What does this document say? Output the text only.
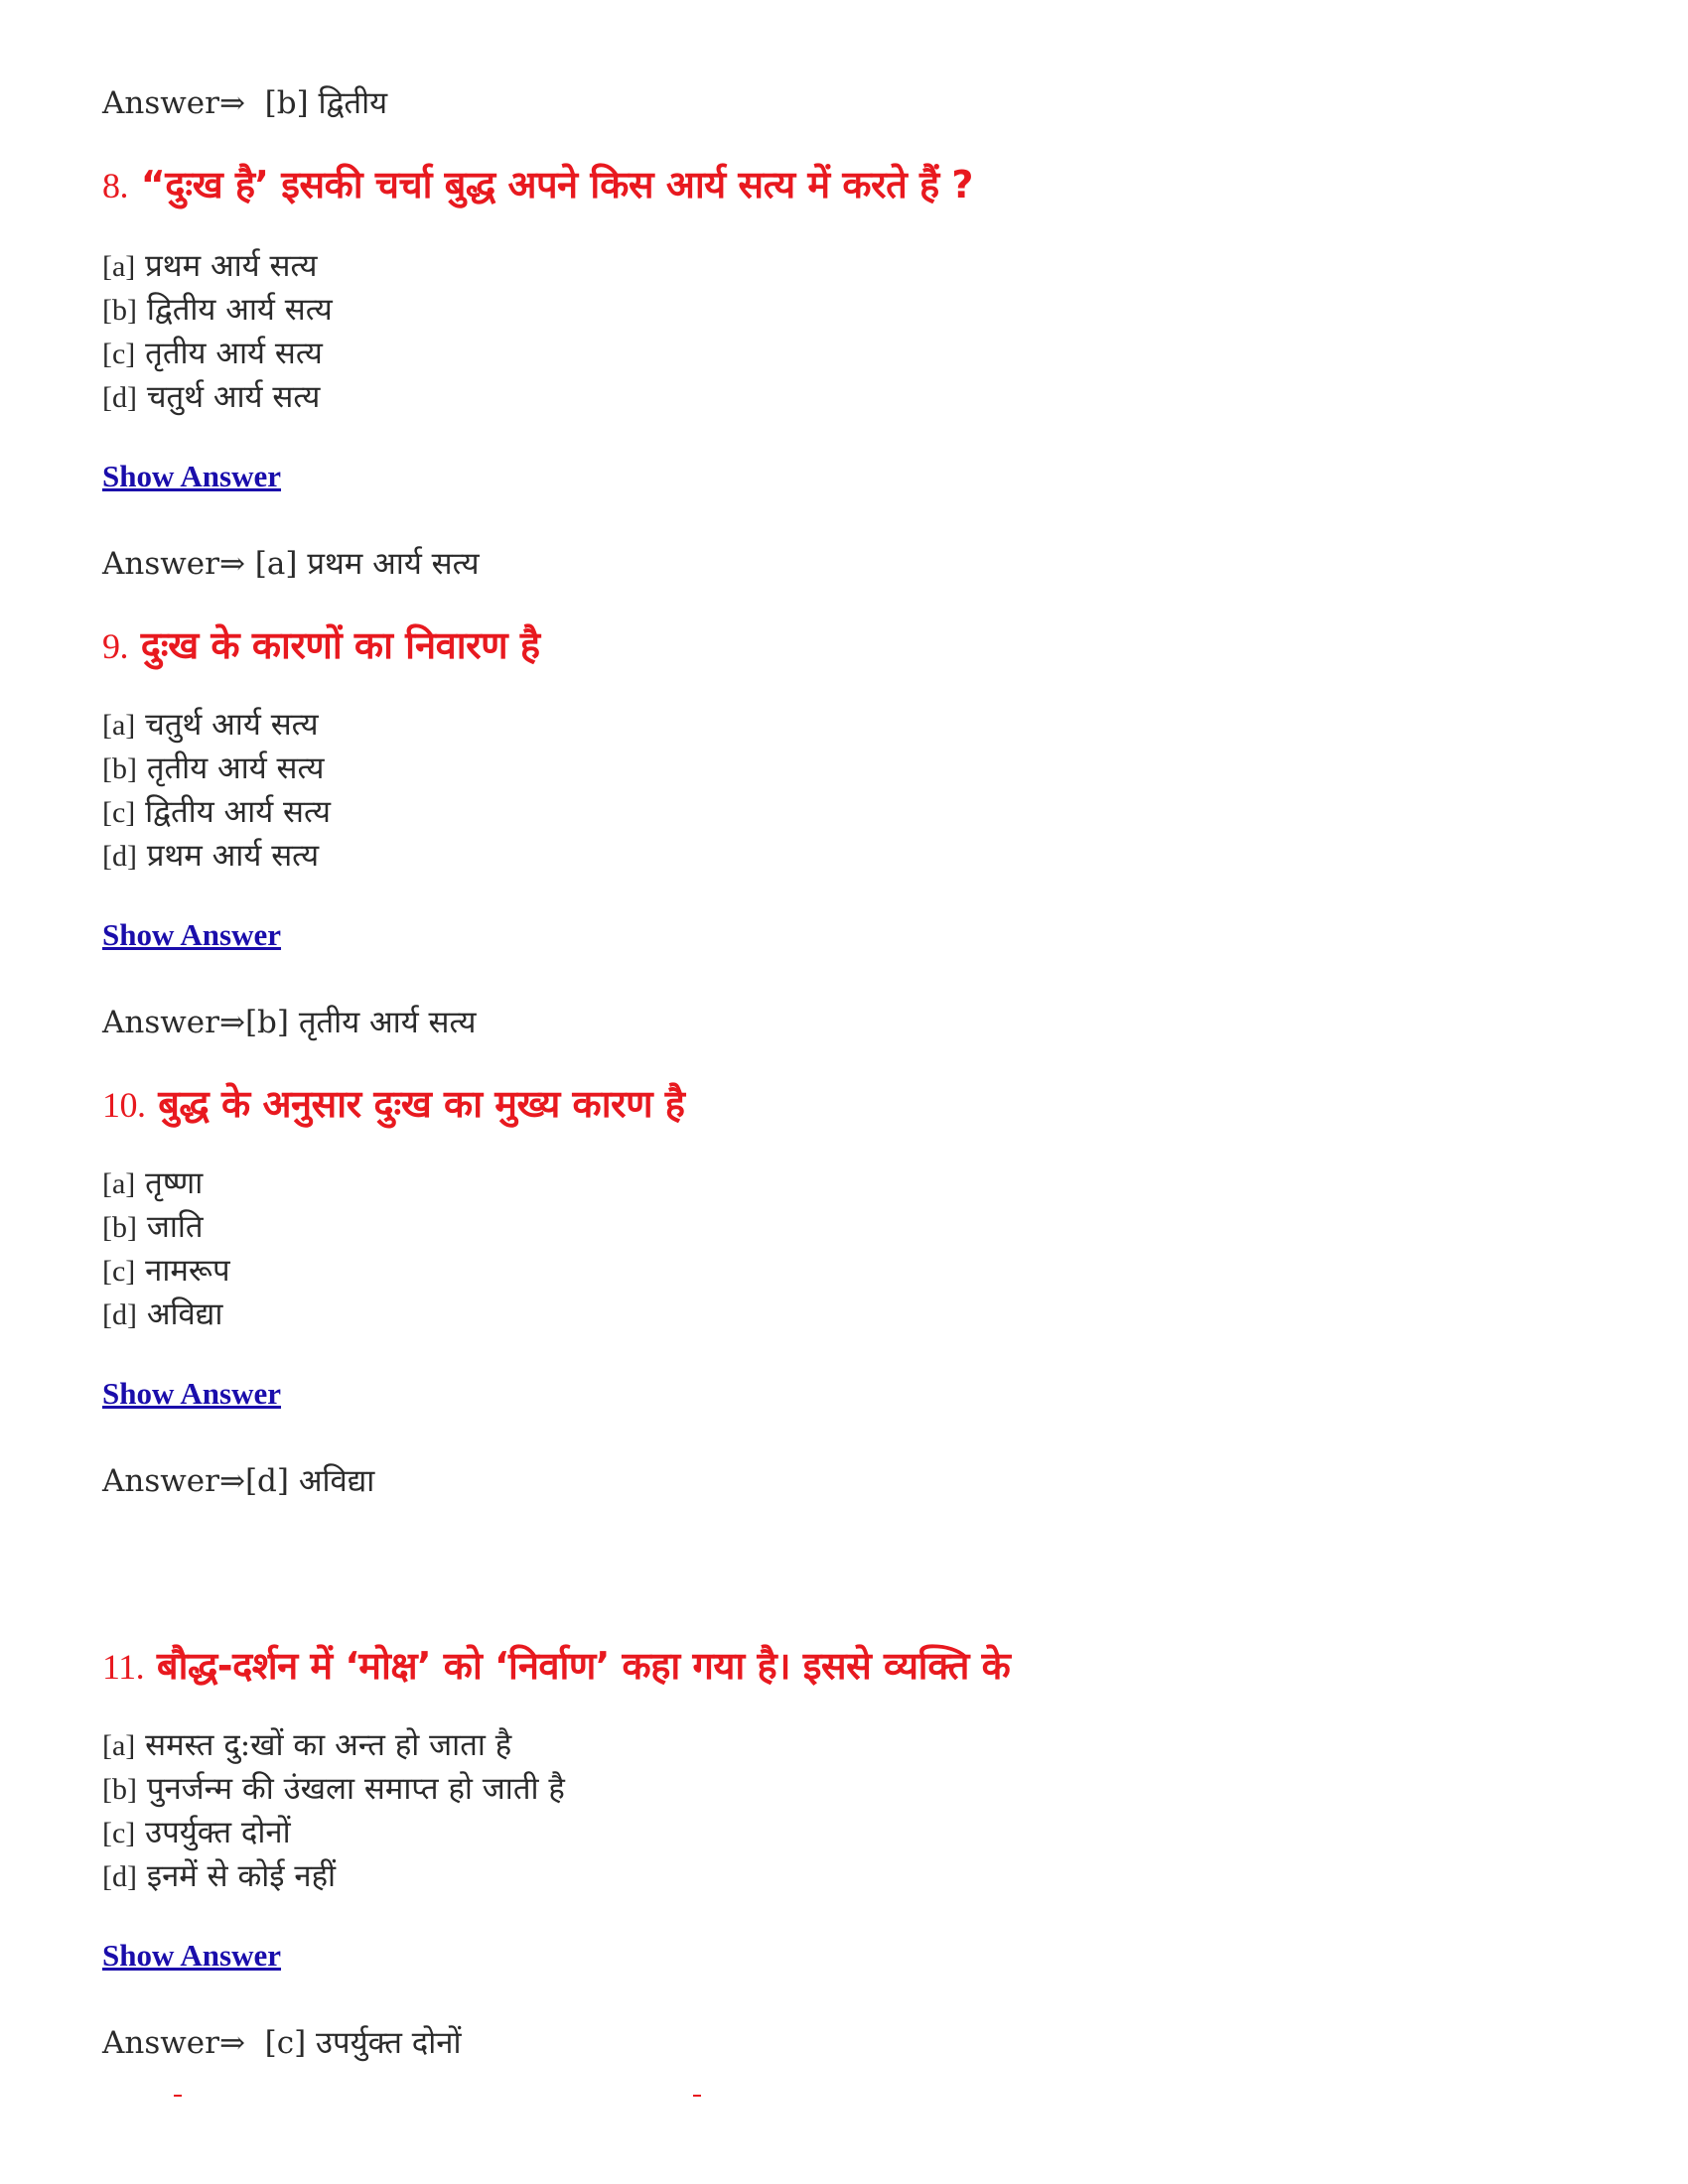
Answer⇒ [b] द्वितीय
8. “दुःख है’ इसकी चर्चा बुद्ध अपने किस आर्य सत्य में करते हैं ?
[a] प्रथम आर्य सत्य
[b] द्वितीय आर्य सत्य
[c] तृतीय आर्य सत्य
[d] चतुर्थ आर्य सत्य
Show Answer
Answer⇒ [a] प्रथम आर्य सत्य
9. दुःख के कारणों का निवारण है
[a] चतुर्थ आर्य सत्य
[b] तृतीय आर्य सत्य
[c] द्वितीय आर्य सत्य
[d] प्रथम आर्य सत्य
Show Answer
Answer⇒[b] तृतीय आर्य सत्य
10. बुद्ध के अनुसार दुःख का मुख्य कारण है
[a] तृष्णा
[b] जाति
[c] नामरूप
[d] अविद्या
Show Answer
Answer⇒[d] अविद्या
11. बौद्ध-दर्शन में ‘मोक्ष’ को ‘निर्वाण’ कहा गया है। इससे व्यक्ति के
[a] समस्त दु:खों का अन्त हो जाता है
[b] पुनर्जन्म की उंखला समाप्त हो जाती है
[c] उपर्युक्त दोनों
[d] इनमें से कोई नहीं
Show Answer
Answer⇒ [c] उपर्युक्त दोनों
